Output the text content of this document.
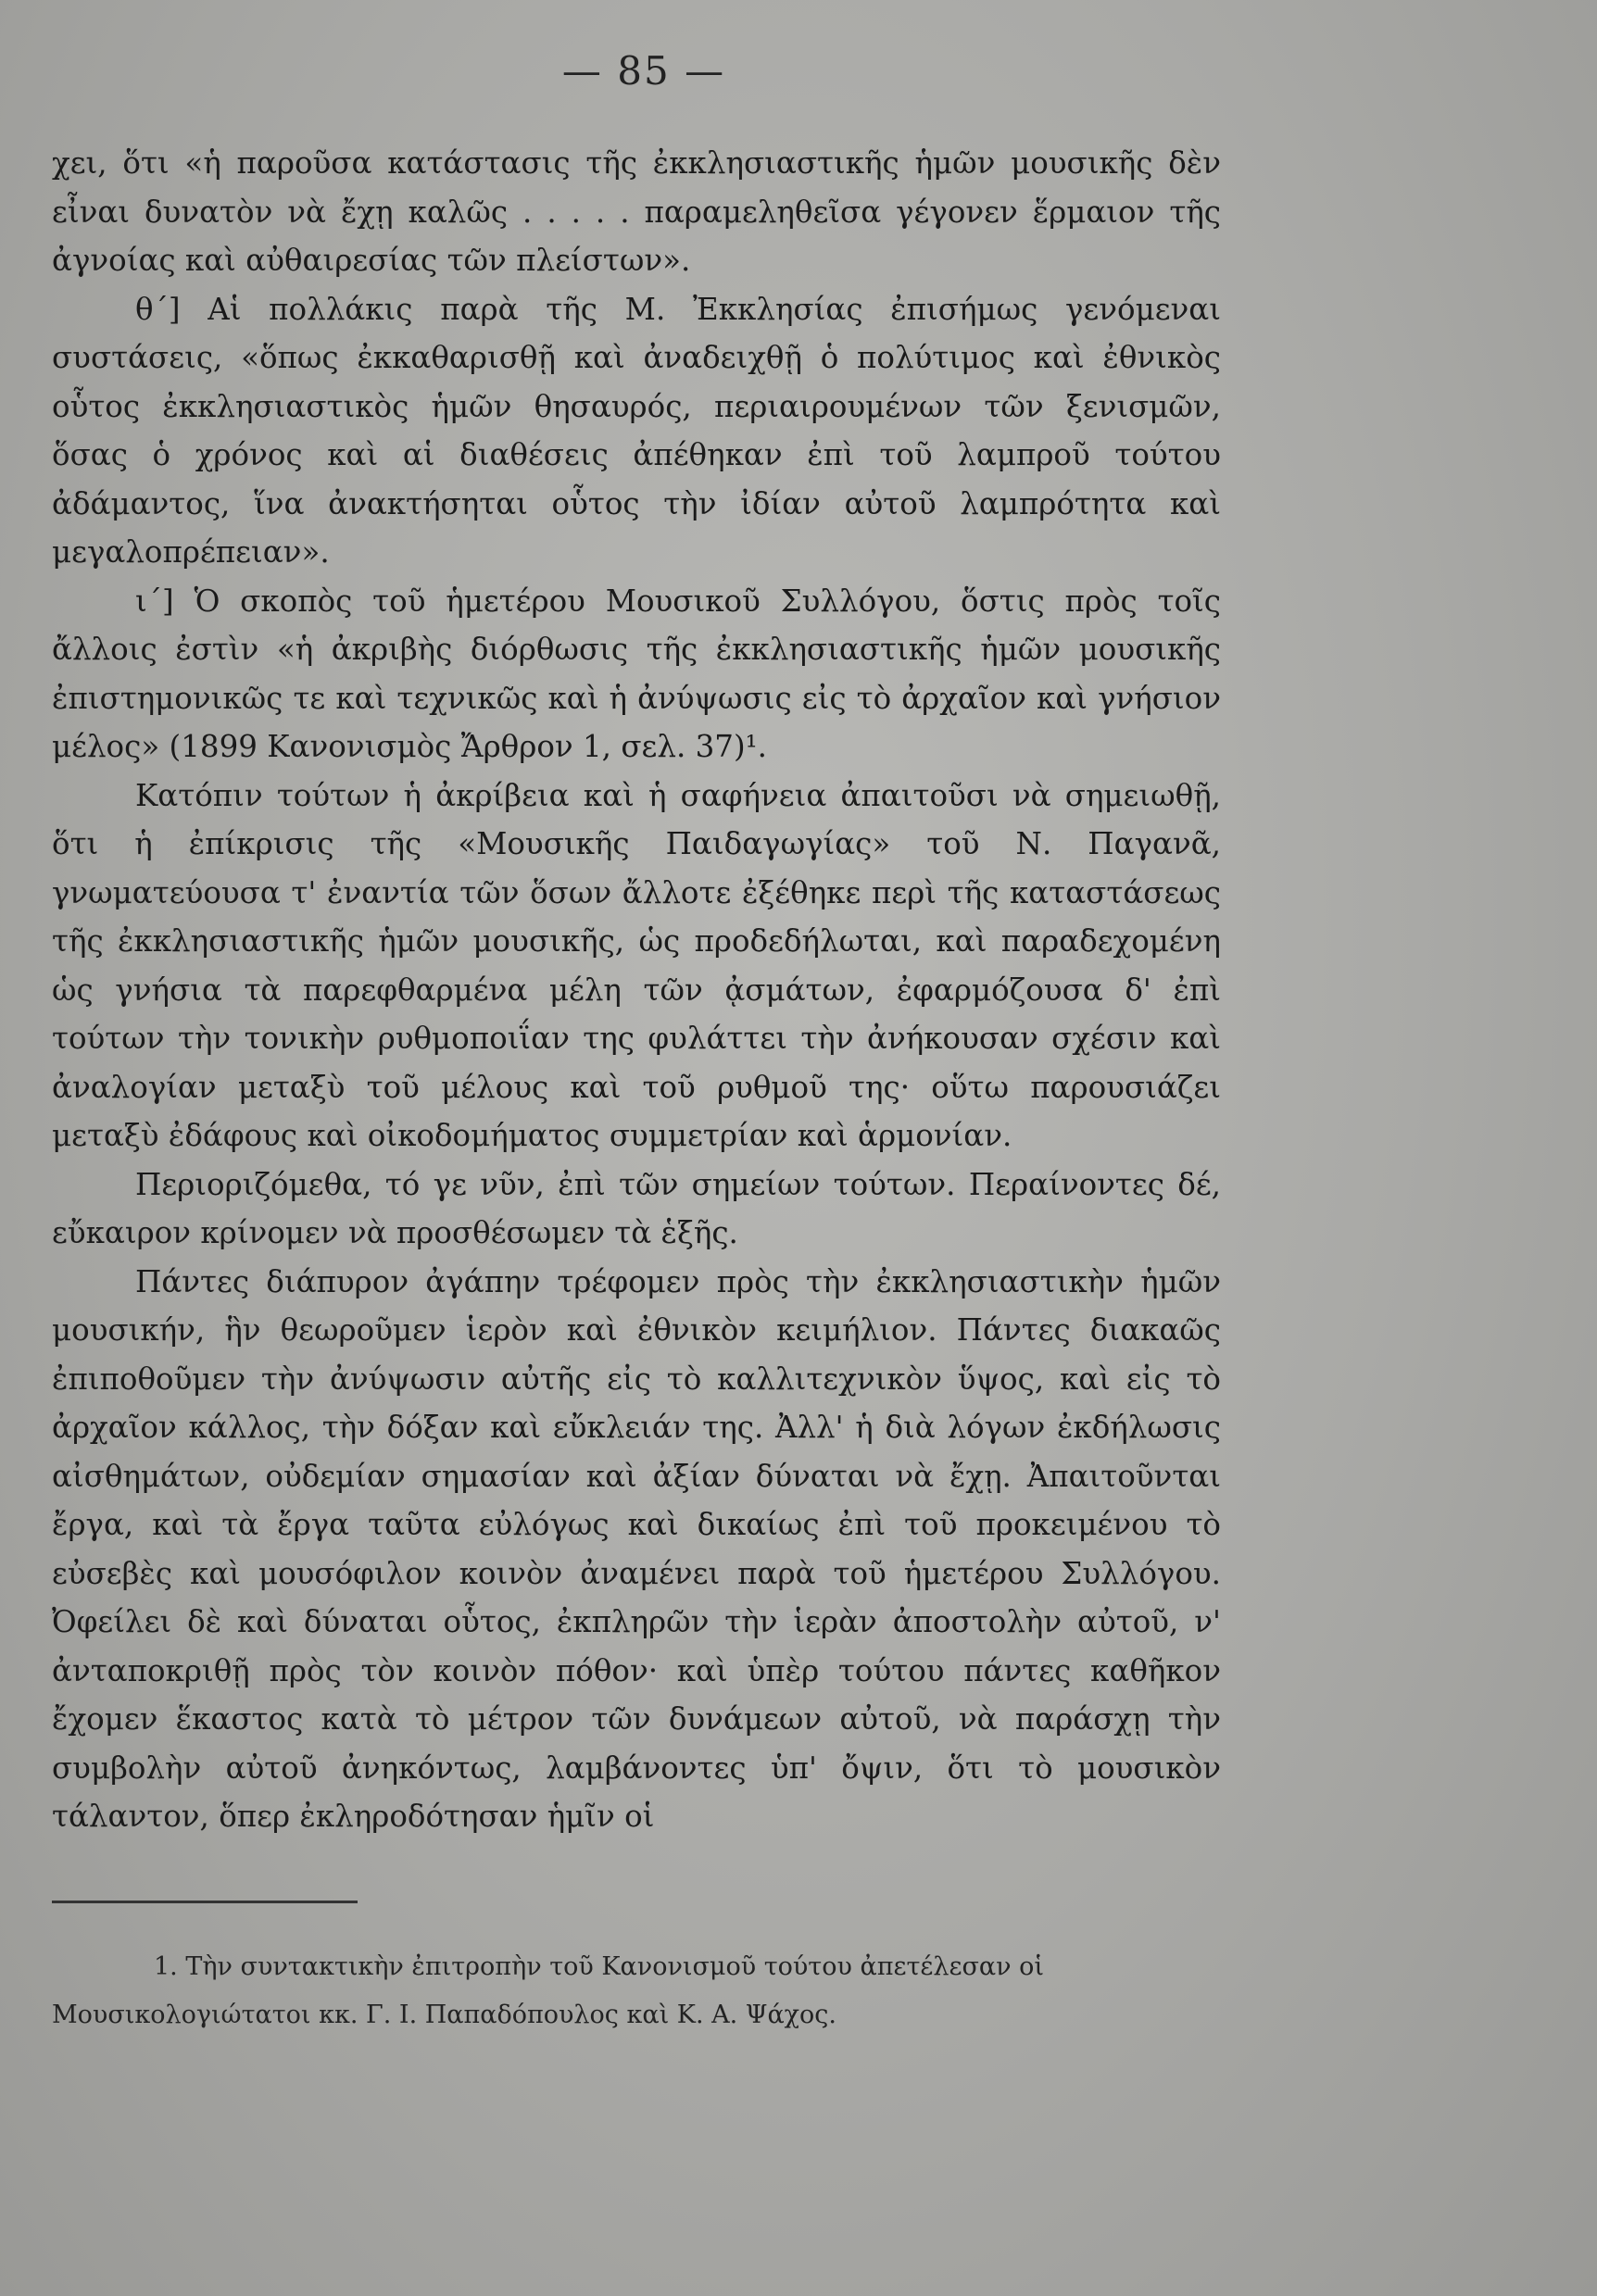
— 85 —

χει, ὅτι «ἡ παροῦσα κατάστασις τῆς ἐκκλησιαστικῆς ἡμῶν μουσικῆς δὲν εἶναι δυνατὸν νὰ ἔχῃ καλῶς . . . . . παραμεληθεῖσα γέγονεν ἕρμαιον τῆς ἀγνοίας καὶ αὐθαιρεσίας τῶν πλείστων».

θ΄] Αἱ πολλάκις παρὰ τῆς Μ. Ἐκκλησίας ἐπισήμως γενόμεναι συστάσεις, «ὅπως ἐκκαθαρισθῇ καὶ ἀναδειχθῇ ὁ πολύτιμος καὶ ἐθνικὸς οὗτος ἐκκλησιαστικὸς ἡμῶν θησαυρός, περιαιρουμένων τῶν ξενισμῶν, ὅσας ὁ χρόνος καὶ αἱ διαθέσεις ἀπέθηκαν ἐπὶ τοῦ λαμπροῦ τούτου ἀδάμαντος, ἵνα ἀνακτήσηται οὗτος τὴν ἰδίαν αὐτοῦ λαμπρότητα καὶ μεγαλοπρέπειαν».

ι΄] Ὁ σκοπὸς τοῦ ἡμετέρου Μουσικοῦ Συλλόγου, ὅστις πρὸς τοῖς ἄλλοις ἐστὶν «ἡ ἀκριβὴς διόρθωσις τῆς ἐκκλησιαστικῆς ἡμῶν μουσικῆς ἐπιστημονικῶς τε καὶ τεχνικῶς καὶ ἡ ἀνύψωσις εἰς τὸ ἀρχαῖον καὶ γνήσιον μέλος» (1899 Κανονισμὸς Ἄρθρον 1, σελ. 37)¹.

Κατόπιν τούτων ἡ ἀκρίβεια καὶ ἡ σαφήνεια ἀπαιτοῦσι νὰ σημειωθῇ, ὅτι ἡ ἐπίκρισις τῆς «Μουσικῆς Παιδαγωγίας» τοῦ Ν. Παγανᾶ, γνωματεύουσα τ' ἐναντία τῶν ὅσων ἄλλοτε ἐξέθηκε περὶ τῆς καταστάσεως τῆς ἐκκλησιαστικῆς ἡμῶν μουσικῆς, ὡς προδεδήλωται, καὶ παραδεχομένη ὡς γνήσια τὰ παρεφθαρμένα μέλη τῶν ᾀσμάτων, ἐφαρμόζουσα δ' ἐπὶ τούτων τὴν τονικὴν ρυθμοποιΐαν της φυλάττει τὴν ἀνήκουσαν σχέσιν καὶ ἀναλογίαν μεταξὺ τοῦ μέλους καὶ τοῦ ρυθμοῦ της· οὕτω παρουσιάζει μεταξὺ ἐδάφους καὶ οἰκοδομήματος συμμετρίαν καὶ ἁρμονίαν.

Περιοριζόμεθα, τό γε νῦν, ἐπὶ τῶν σημείων τούτων. Περαίνοντες δέ, εὔκαιρον κρίνομεν νὰ προσθέσωμεν τὰ ἑξῆς.

Πάντες διάπυρον ἀγάπην τρέφομεν πρὸς τὴν ἐκκλησιαστικὴν ἡμῶν μουσικήν, ἣν θεωροῦμεν ἱερὸν καὶ ἐθνικὸν κειμήλιον. Πάντες διακαῶς ἐπιποθοῦμεν τὴν ἀνύψωσιν αὐτῆς εἰς τὸ καλλιτεχνικὸν ὕψος, καὶ εἰς τὸ ἀρχαῖον κάλλος, τὴν δόξαν καὶ εὔκλειάν της. Ἀλλ' ἡ διὰ λόγων ἐκδήλωσις αἰσθημάτων, οὐδεμίαν σημασίαν καὶ ἀξίαν δύναται νὰ ἔχῃ. Ἀπαιτοῦνται ἔργα, καὶ τὰ ἔργα ταῦτα εὐλόγως καὶ δικαίως ἐπὶ τοῦ προκειμένου τὸ εὐσεβὲς καὶ μουσόφιλον κοινὸν ἀναμένει παρὰ τοῦ ἡμετέρου Συλλόγου. Ὀφείλει δὲ καὶ δύναται οὗτος, ἐκπληρῶν τὴν ἱερὰν ἀποστολὴν αὐτοῦ, ν' ἀνταποκριθῇ πρὸς τὸν κοινὸν πόθον· καὶ ὑπὲρ τούτου πάντες καθῆκον ἔχομεν ἕκαστος κατὰ τὸ μέτρον τῶν δυνάμεων αὐτοῦ, νὰ παράσχῃ τὴν συμβολὴν αὐτοῦ ἀνηκόντως, λαμβάνοντες ὑπ' ὄψιν, ὅτι τὸ μουσικὸν τάλαντον, ὅπερ ἐκληροδότησαν ἡμῖν οἱ

1. Τὴν συντακτικὴν ἐπιτροπὴν τοῦ Κανονισμοῦ τούτου ἀπετέλεσαν οἱ Μουσικολογιώτατοι κκ. Γ. Ι. Παπαδόπουλος καὶ Κ. Α. Ψάχος.
